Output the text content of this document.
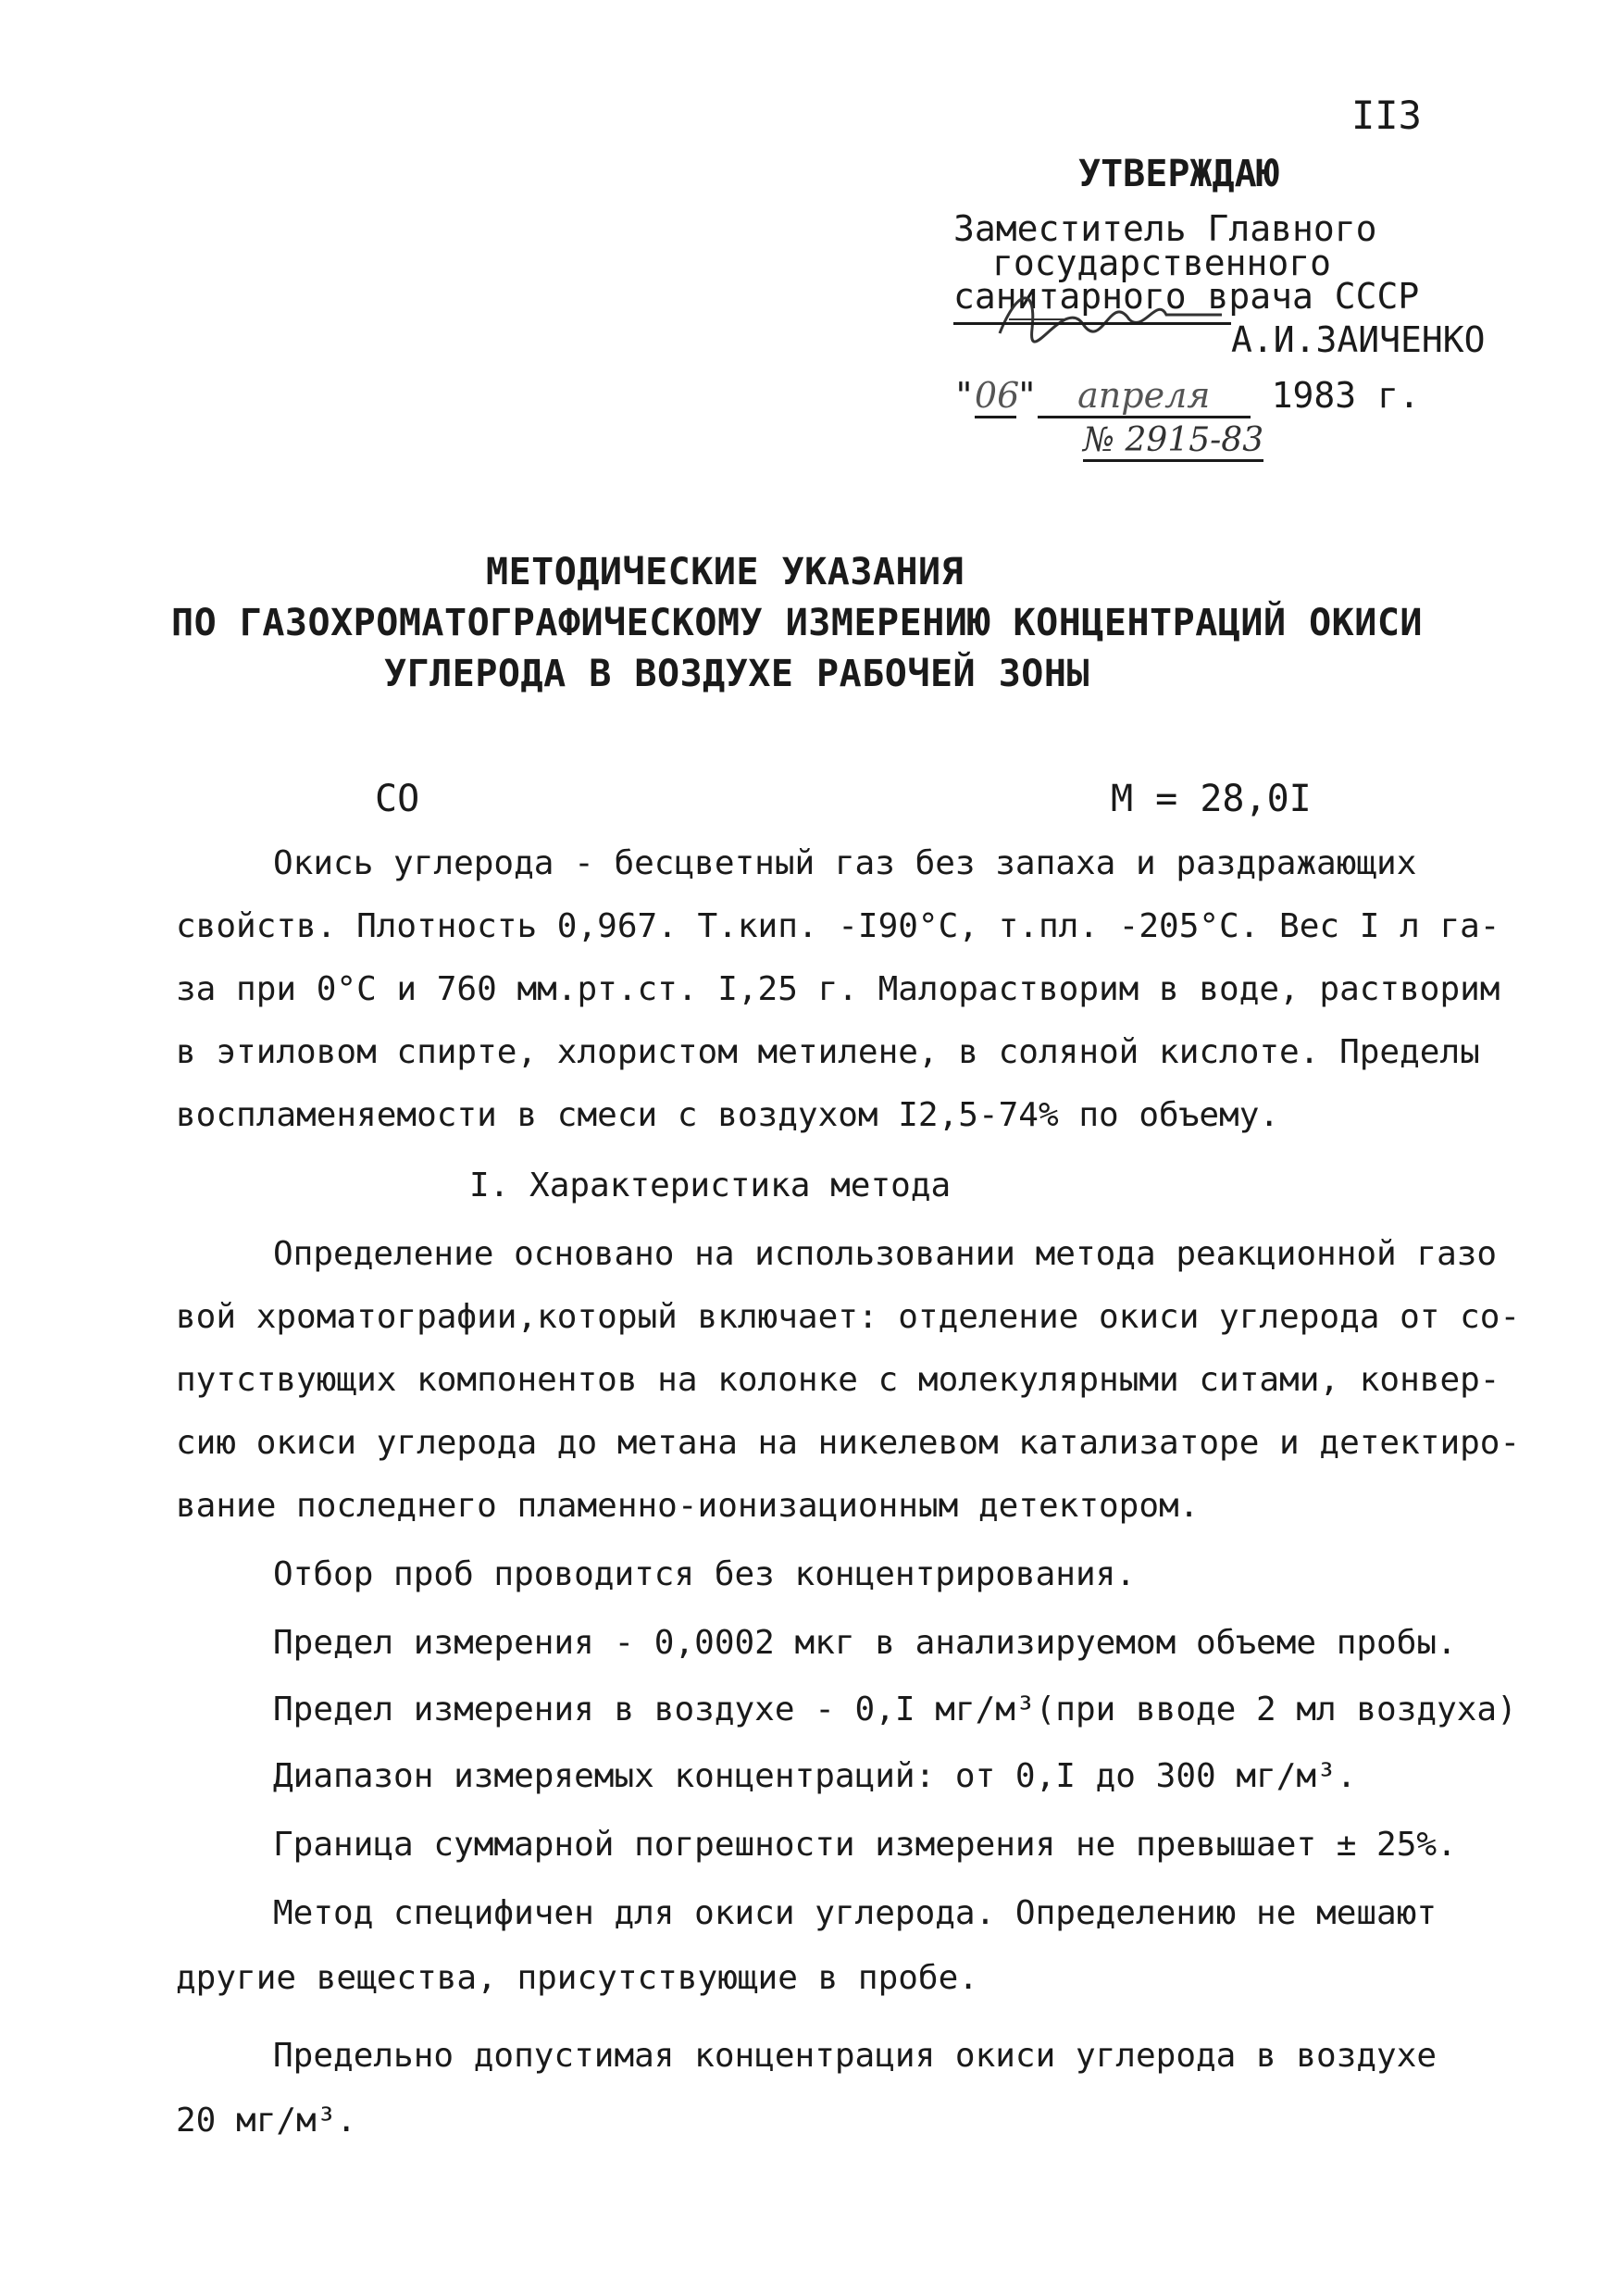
II3
УТВЕРЖДАЮ
Заместитель Главного
государственного
санитарного врача СССР
А.И.ЗАИЧЕНКО
"06" апреля 1983 г.
№ 2915-83
МЕТОДИЧЕСКИЕ УКАЗАНИЯ
ПО ГАЗОХРОМАТОГРАФИЧЕСКОМУ ИЗМЕРЕНИЮ КОНЦЕНТРАЦИЙ ОКИСИ
УГЛЕРОДА В ВОЗДУХЕ РАБОЧЕЙ ЗОНЫ
СО	М = 28,0I
Окись углерода - бесцветный газ без запаха и раздражающих
свойств. Плотность 0,967. Т.кип. -I90°С, т.пл. -205°С. Вес I л га-
за при 0°С и 760 мм.рт.ст. I,25 г. Малорастворим в воде, растворим
в этиловом спирте, хлористом метилене, в соляной кислоте. Пределы
воспламеняемости в смеси с воздухом I2,5-74% по объему.
I. Характеристика метода
Определение основано на использовании метода реакционной газо
вой хроматографии,который включает: отделение окиси углерода от со-
путствующих компонентов на колонке с молекулярными ситами, конвер-
сию окиси углерода до метана на никелевом катализаторе и детектиро-
вание последнего пламенно-ионизационным детектором.
Отбор проб проводится без концентрирования.
Предел измерения - 0,0002 мкг в анализируемом объеме пробы.
Предел измерения в воздухе - 0,I мг/м³(при вводе 2 мл воздуха)
Диапазон измеряемых концентраций: от 0,I до 300 мг/м³.
Граница суммарной погрешности измерения не превышает ± 25%.
Метод специфичен для окиси углерода. Определению не мешают
другие вещества, присутствующие в пробе.
Предельно допустимая концентрация окиси углерода в воздухе
20 мг/м³.
